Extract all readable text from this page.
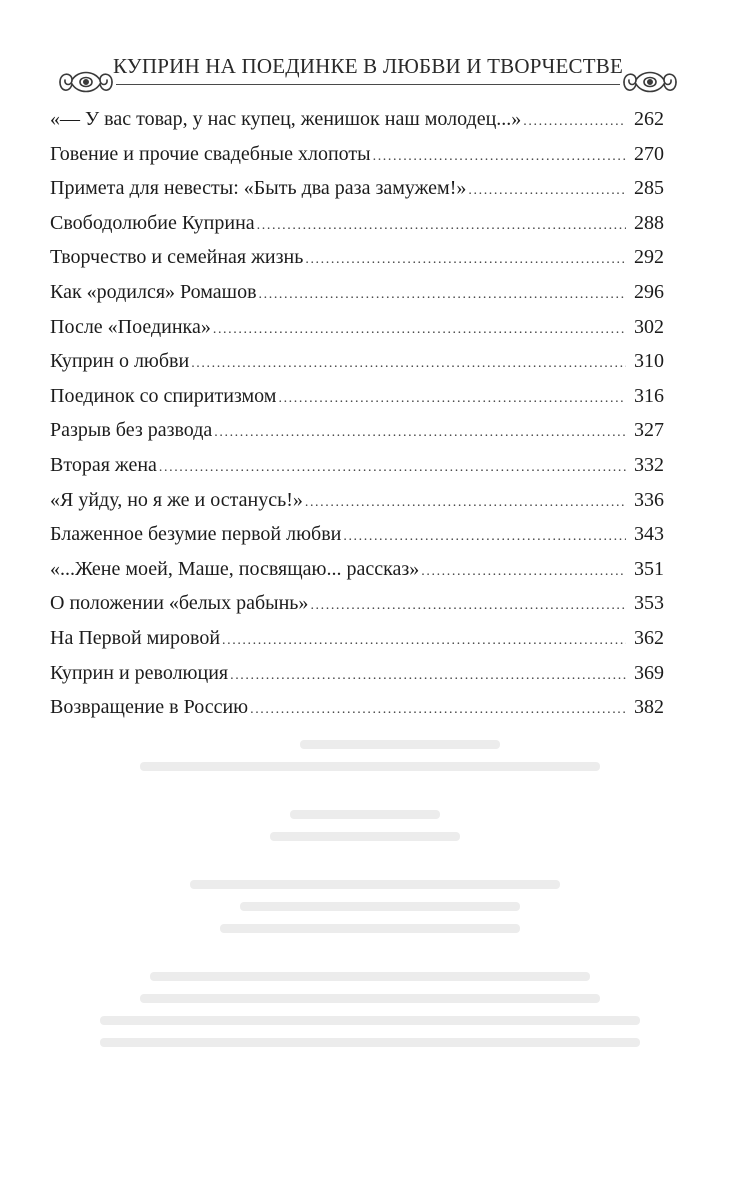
КУПРИН НА ПОЕДИНКЕ В ЛЮБВИ И ТВОРЧЕСТВЕ
«— У вас товар, у нас купец, женишок наш молодец...» .....	262
Говение и прочие свадебные хлопоты .....	270
Примета для невесты: «Быть два раза замужем!» .....	285
Свободолюбие Куприна .....	288
Творчество и семейная жизнь .....	292
Как «родился» Ромашов .....	296
После «Поединка» .....	302
Куприн о любви .....	310
Поединок со спиритизмом .....	316
Разрыв без развода .....	327
Вторая жена .....	332
«Я уйду, но я же и останусь!» .....	336
Блаженное безумие первой любви .....	343
«...Жене моей, Маше, посвящаю... рассказ» .....	351
О положении «белых рабынь» .....	353
На Первой мировой .....	362
Куприн и революция .....	369
Возвращение в Россию .....	382
